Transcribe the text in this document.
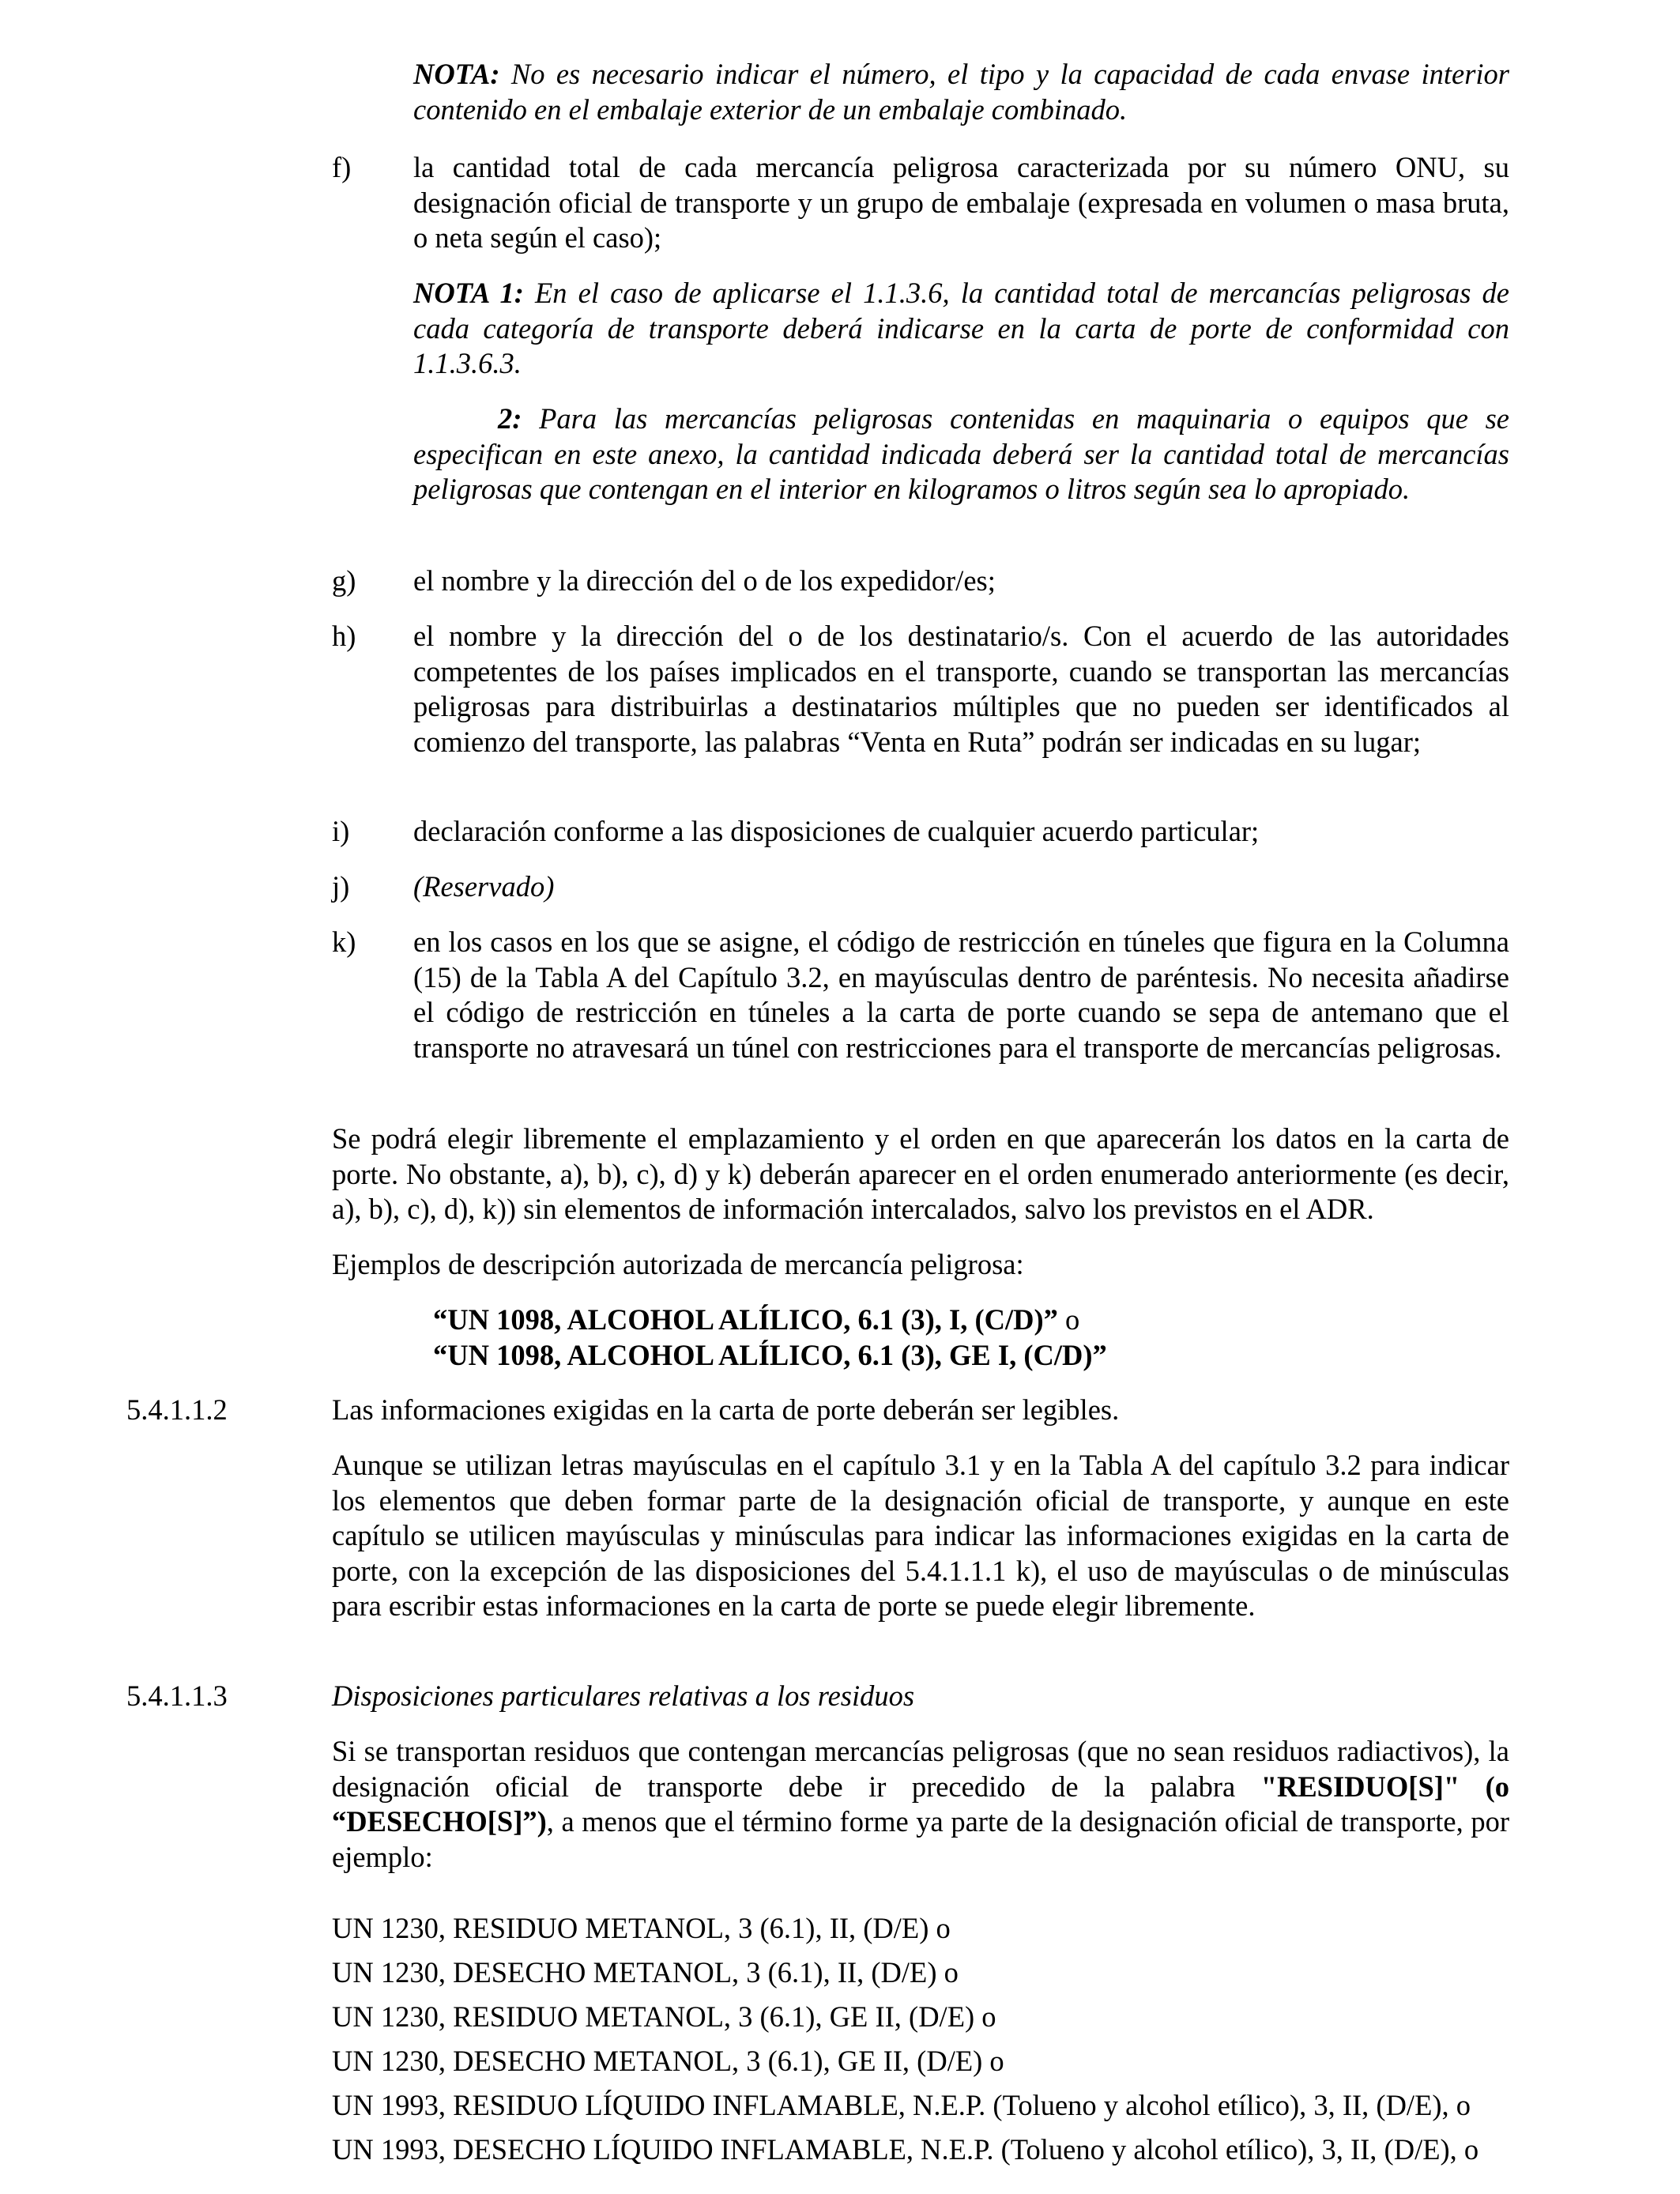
NOTA: No es necesario indicar el número, el tipo y la capacidad de cada envase interior contenido en el embalaje exterior de un embalaje combinado.
f) la cantidad total de cada mercancía peligrosa caracterizada por su número ONU, su designación oficial de transporte y un grupo de embalaje (expresada en volumen o masa bruta, o neta según el caso);
NOTA 1: En el caso de aplicarse el 1.1.3.6, la cantidad total de mercancías peligrosas de cada categoría de transporte deberá indicarse en la carta de porte de conformidad con 1.1.3.6.3.
2: Para las mercancías peligrosas contenidas en maquinaria o equipos que se especifican en este anexo, la cantidad indicada deberá ser la cantidad total de mercancías peligrosas que contengan en el interior en kilogramos o litros según sea lo apropiado.
g) el nombre y la dirección del o de los expedidor/es;
h) el nombre y la dirección del o de los destinatario/s. Con el acuerdo de las autoridades competentes de los países implicados en el transporte, cuando se transportan las mercancías peligrosas para distribuirlas a destinatarios múltiples que no pueden ser identificados al comienzo del transporte, las palabras “Venta en Ruta” podrán ser indicadas en su lugar;
i) declaración conforme a las disposiciones de cualquier acuerdo particular;
j) (Reservado)
k) en los casos en los que se asigne, el código de restricción en túneles que figura en la Columna (15) de la Tabla A del Capítulo 3.2, en mayúsculas dentro de paréntesis. No necesita añadirse el código de restricción en túneles a la carta de porte cuando se sepa de antemano que el transporte no atravesará un túnel con restricciones para el transporte de mercancías peligrosas.
Se podrá elegir libremente el emplazamiento y el orden en que aparecerán los datos en la carta de porte. No obstante, a), b), c), d) y k) deberán aparecer en el orden enumerado anteriormente (es decir, a), b), c), d), k)) sin elementos de información intercalados, salvo los previstos en el ADR.
Ejemplos de descripción autorizada de mercancía peligrosa:
“UN 1098, ALCOHOL ALÍLICO, 6.1 (3), I, (C/D)” o
“UN 1098, ALCOHOL ALÍLICO, 6.1 (3), GE I, (C/D)”
5.4.1.1.2	Las informaciones exigidas en la carta de porte deberán ser legibles.
Aunque se utilizan letras mayúsculas en el capítulo 3.1 y en la Tabla A del capítulo 3.2 para indicar los elementos que deben formar parte de la designación oficial de transporte, y aunque en este capítulo se utilicen mayúsculas y minúsculas para indicar las informaciones exigidas en la carta de porte, con la excepción de las disposiciones del 5.4.1.1.1 k), el uso de mayúsculas o de minúsculas para escribir estas informaciones en la carta de porte se puede elegir libremente.
5.4.1.1.3	Disposiciones particulares relativas a los residuos
Si se transportan residuos que contengan mercancías peligrosas (que no sean residuos radiactivos), la designación oficial de transporte debe ir precedido de la palabra "RESIDUO[S]" (o “DESECHO[S]”), a menos que el término forme ya parte de la designación oficial de transporte, por ejemplo:
UN 1230, RESIDUO METANOL, 3 (6.1), II, (D/E) o
UN 1230, DESECHO METANOL, 3 (6.1), II, (D/E) o
UN 1230, RESIDUO METANOL, 3 (6.1), GE II, (D/E) o
UN 1230, DESECHO METANOL, 3 (6.1), GE II, (D/E) o
UN 1993, RESIDUO LÍQUIDO INFLAMABLE, N.E.P. (Tolueno y alcohol etílico), 3, II, (D/E), o
UN 1993, DESECHO LÍQUIDO INFLAMABLE, N.E.P. (Tolueno y alcohol etílico), 3, II, (D/E), o
